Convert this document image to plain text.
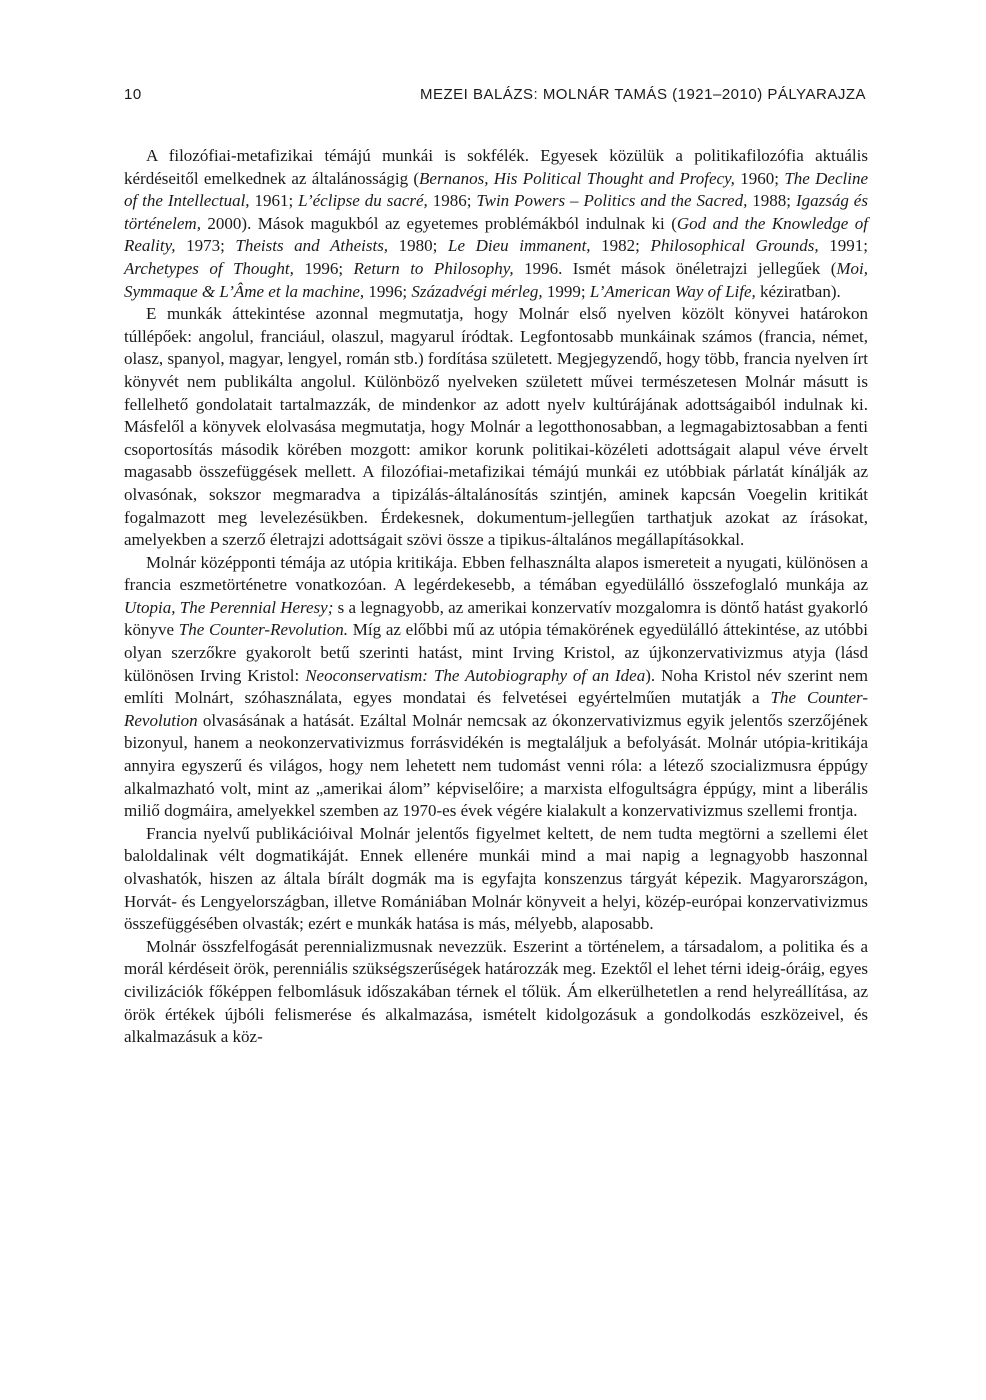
10	MEZEI BALÁZS: MOLNÁR TAMÁS (1921–2010) PÁLYARAJZA

A filozófiai-metafizikai témájú munkái is sokfélék. Egyesek közülük a politikafilozófia aktuális kérdéseitől emelkednek az általánosságig (Bernanos, His Political Thought and Profecy, 1960; The Decline of the Intellectual, 1961; L’éclipse du sacré, 1986; Twin Powers – Politics and the Sacred, 1988; Igazság és történelem, 2000). Mások magukból az egyetemes problémákból indulnak ki (God and the Knowledge of Reality, 1973; Theists and Atheists, 1980; Le Dieu immanent, 1982; Philosophical Grounds, 1991; Archetypes of Thought, 1996; Return to Philosophy, 1996. Ismét mások önéletrajzi jellegűek (Moi, Symmaque & L’Âme et la machine, 1996; Századvégi mérleg, 1999; L’American Way of Life, kéziratban).

E munkák áttekintése azonnal megmutatja, hogy Molnár első nyelven közölt könyvei határokon túllépőek: angolul, franciául, olaszul, magyarul íródtak. Legfontosabb munkáinak számos (francia, német, olasz, spanyol, magyar, lengyel, román stb.) fordítása született. Megjegyzendő, hogy több, francia nyelven írt könyvét nem publikálta angolul. Különböző nyelveken született művei természetesen Molnár másutt is fellelhető gondolatait tartalmazzák, de mindenkor az adott nyelv kultúrájának adottságaiból indulnak ki. Másfelől a könyvek elolvasása megmutatja, hogy Molnár a legotthonosabban, a legmagabiztosabban a fenti csoportosítás második körében mozgott: amikor korunk politikai-közéleti adottságait alapul véve érvelt magasabb összefüggések mellett. A filozófiai-metafizikai témájú munkái ez utóbbiak párlatát kínálják az olvasónak, sokszor megmaradva a tipizálás-általánosítás szintjén, aminek kapcsán Voegelin kritikát fogalmazott meg levelezésükben. Érdekesnek, dokumentum-jellegűen tarthatjuk azokat az írásokat, amelyekben a szerző életrajzi adottságait szövi össze a tipikus-általános megállapításokkal.

Molnár középponti témája az utópia kritikája. Ebben felhasználta alapos ismereteit a nyugati, különösen a francia eszmetörténetre vonatkozóan. A legérdekesebb, a témában egyedülálló összefoglaló munkája az Utopia, The Perennial Heresy; s a legnagyobb, az amerikai konzervatív mozgalomra is döntő hatást gyakorló könyve The Counter-Revolution. Míg az előbbi mű az utópia témakörének egyedülálló áttekintése, az utóbbi olyan szerzőkre gyakorolt betű szerinti hatást, mint Irving Kristol, az újkonzervativizmus atyja (lásd különösen Irving Kristol: Neoconservatism: The Autobiography of an Idea). Noha Kristol név szerint nem említi Molnárt, szóhasználata, egyes mondatai és felvetései egyértelműen mutatják a The Counter-Revolution olvasásának a hatását. Ezáltal Molnár nemcsak az ókonzervativizmus egyik jelentős szerzőjének bizonyul, hanem a neokonzervativizmus forrásvidékén is megtaláljuk a befolyását. Molnár utópia-kritikája annyira egyszerű és világos, hogy nem lehetett nem tudomást venni róla: a létező szocializmusra éppúgy alkalmazható volt, mint az „amerikai álom” képviselőire; a marxista elfogultságra éppúgy, mint a liberális miliő dogmáira, amelyekkel szemben az 1970-es évek végére kialakult a konzervativizmus szellemi frontja.

Francia nyelvű publikációival Molnár jelentős figyelmet keltett, de nem tudta megtörni a szellemi élet baloldalinak vélt dogmatikáját. Ennek ellenére munkái mind a mai napig a legnagyobb haszonnal olvashatók, hiszen az általa bírált dogmák ma is egyfajta konszenzus tárgyát képezik. Magyarországon, Horvát- és Lengyelországban, illetve Romániában Molnár könyveit a helyi, közép-európai konzervativizmus összefüggésében olvasták; ezért e munkák hatása is más, mélyebb, alaposabb.

Molnár összfelfogását perennializmusnak nevezzük. Eszerint a történelem, a társadalom, a politika és a morál kérdéseit örök, perenniális szükségszerűségek határozzák meg. Ezektől el lehet térni ideig-óráig, egyes civilizációk főképpen felbomlásuk időszakában térnek el tőlük. Ám elkerülhetetlen a rend helyreállítása, az örök értékek újbóli felismerése és alkalmazása, ismételt kidolgozásuk a gondolkodás eszközeivel, és alkalmazásuk a köz-
